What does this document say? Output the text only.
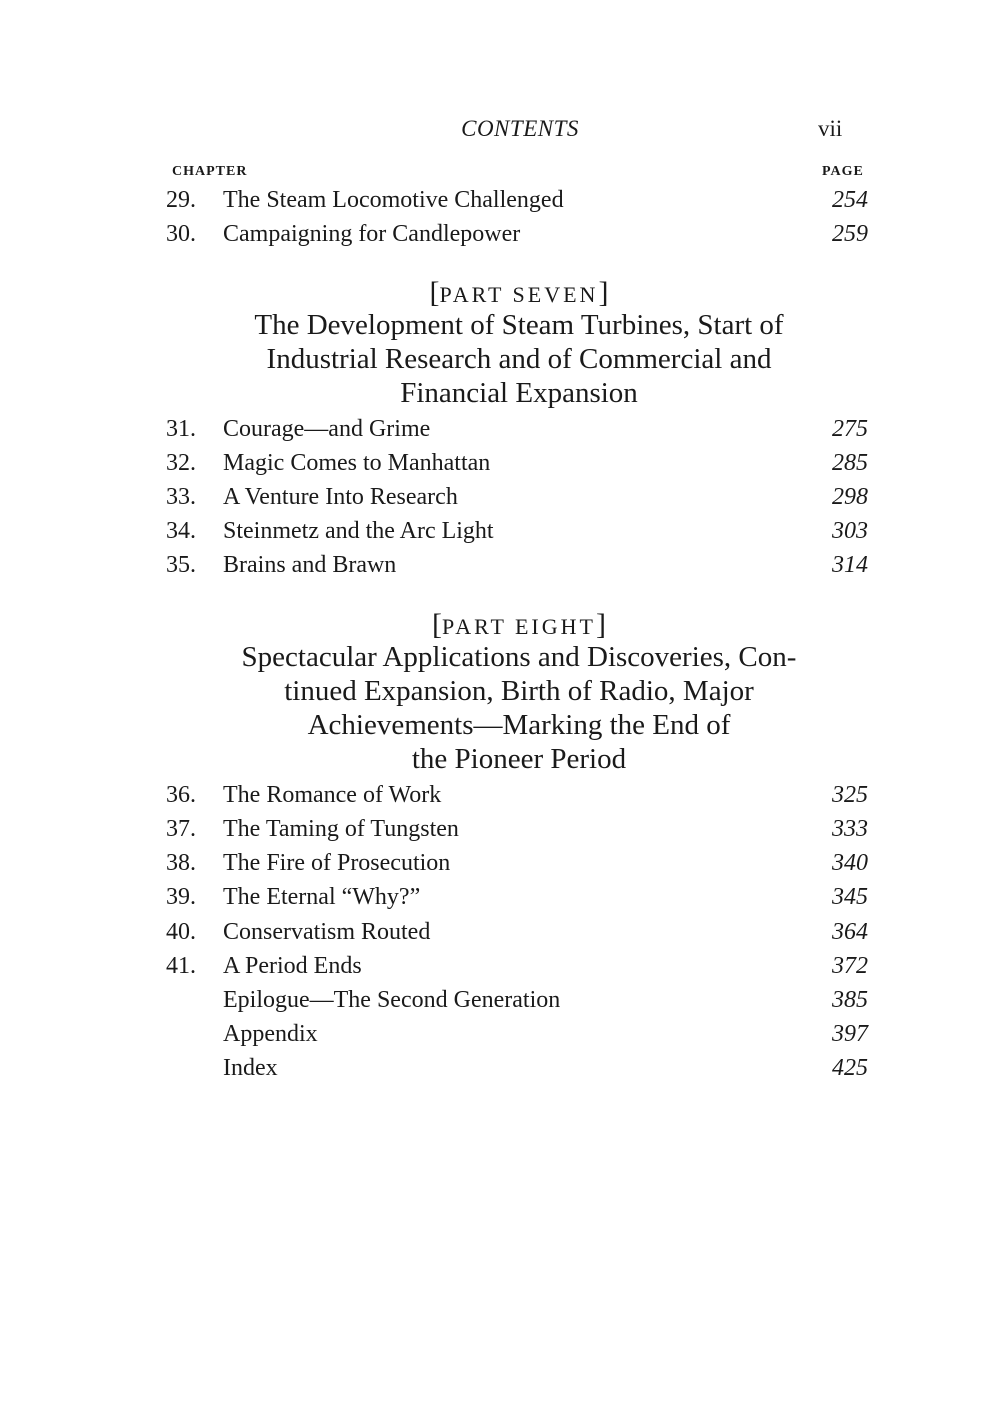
CONTENTS	vii
CHAPTER	PAGE
29. The Steam Locomotive Challenged	254
30. Campaigning for Candlepower	259
[PART SEVEN]
The Development of Steam Turbines, Start of
Industrial Research and of Commercial and
Financial Expansion
31. Courage—and Grime	275
32. Magic Comes to Manhattan	285
33. A Venture Into Research	298
34. Steinmetz and the Arc Light	303
35. Brains and Brawn	314
[PART EIGHT]
Spectacular Applications and Discoveries, Con-
tinued Expansion, Birth of Radio, Major
Achievements—Marking the End of
the Pioneer Period
36. The Romance of Work	325
37. The Taming of Tungsten	333
38. The Fire of Prosecution	340
39. The Eternal “Why?”	345
40. Conservatism Routed	364
41. A Period Ends	372
Epilogue—The Second Generation	385
Appendix	397
Index	425
